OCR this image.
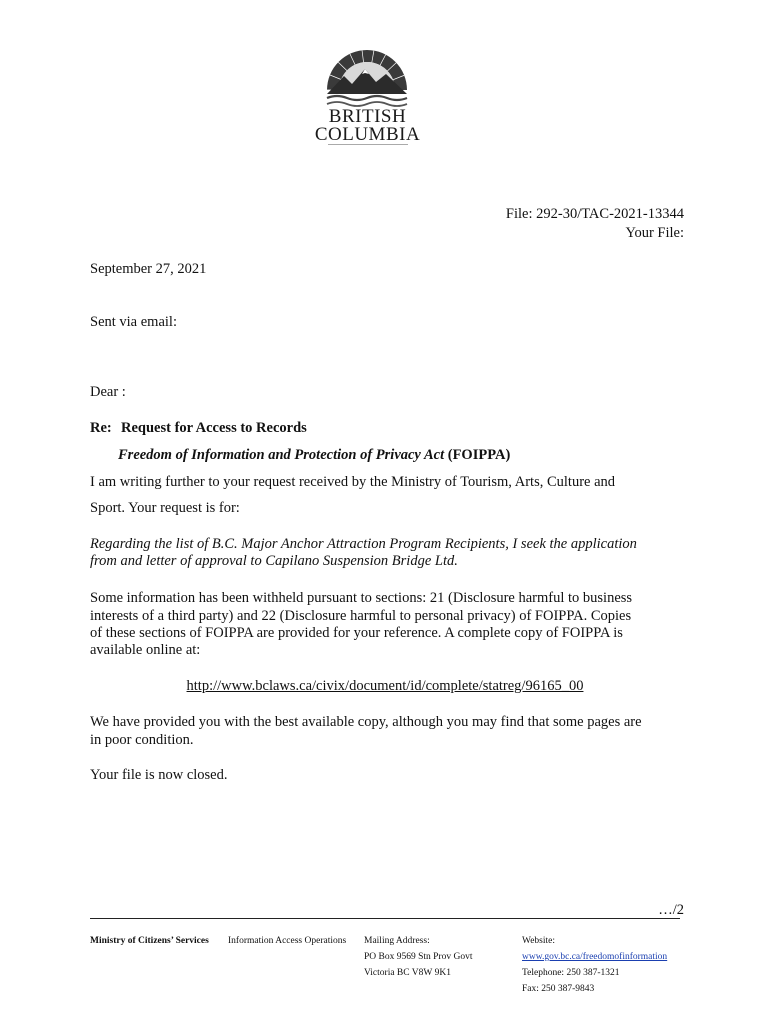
BRITISH
COLUMBIA
File: 292-30/TAC-2021-13344
Your File:
September 27, 2021
Sent via email:
Dear :
Re: Request for Access to Records
Freedom of Information and Protection of Privacy Act (FOIPPA)
I am writing further to your request received by the Ministry of Tourism, Arts, Culture and
Sport. Your request is for:
Regarding the list of B.C. Major Anchor Attraction Program Recipients, I seek the application
from and letter of approval to Capilano Suspension Bridge Ltd.
Some information has been withheld pursuant to sections: 21 (Disclosure harmful to business
interests of a third party) and 22 (Disclosure harmful to personal privacy) of FOIPPA. Copies
of these sections of FOIPPA are provided for your reference. A complete copy of FOIPPA is
available online at:
http://www.bclaws.ca/civix/document/id/complete/statreg/96165_00
We have provided you with the best available copy, although you may find that some pages are
in poor condition.
Your file is now closed.
…/2
Ministry of Citizens’ Services Information Access Operations Mailing Address:
PO Box 9569 Stn Prov Govt
Victoria BC V8W 9K1
Website:
www.gov.bc.ca/freedomofinformation
Telephone: 250 387-1321
Fax: 250 387-9843
